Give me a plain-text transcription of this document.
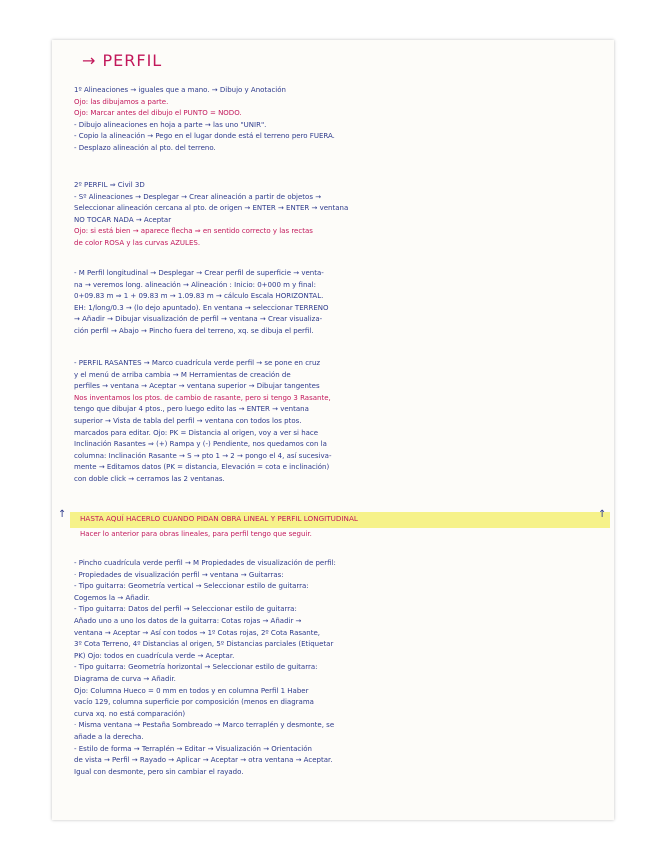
→ PERFIL
1º Alineaciones → iguales que a mano. → Dibujo y Anotación
Ojo: las dibujamos a parte.
Ojo: Marcar antes del dibujo el PUNTO = NODO.
- Dibujo alineaciones en hoja a parte → las uno "UNIR".
- Copio la alineación → Pego en el lugar donde está el terreno pero FUERA.
- Desplazo alineación al pto. del terreno.
2º PERFIL ⇒ Civil 3D
- Sº Alineaciones → Desplegar → Crear alineación a partir de objetos →
Seleccionar alineación cercana al pto. de origen → ENTER → ENTER → ventana
NO TOCAR NADA → Aceptar
Ojo: si está bien → aparece flecha ⇒ en sentido correcto y las rectas
de color ROSA y las curvas AZULES.
- M Perfil longitudinal → Desplegar → Crear perfil de superficie → venta-
na → veremos long. alineación → Alineación : Inicio: 0+000 m y final:
0+09.83 m ⇒ 1 + 09.83 m → 1.09.83 m → cálculo Escala HORIZONTAL.
EH: 1/long/0.3 → (lo dejo apuntado). En ventana → seleccionar TERRENO
→ Añadir → Dibujar visualización de perfil → ventana → Crear visualiza-
ción perfil → Abajo → Pincho fuera del terreno, xq. se dibuja el perfil.
- PERFIL RASANTES → Marco cuadrícula verde perfil → se pone en cruz
y el menú de arriba cambia → M Herramientas de creación de
perfiles → ventana → Aceptar → ventana superior → Dibujar tangentes
Nos inventamos los ptos. de cambio de rasante, pero si tengo 3 Rasante,
tengo que dibujar 4 ptos., pero luego edito las → ENTER → ventana
superior → Vista de tabla del perfil → ventana con todos los ptos.
marcados para editar. Ojo: PK = Distancia al origen, voy a ver si hace
Inclinación Rasantes ⇒ (+) Rampa y (-) Pendiente, nos quedamos con la
columna: Inclinación Rasante → S → pto 1 → 2 → pongo el 4, así sucesiva-
mente → Editamos datos (PK = distancia, Elevación = cota e inclinación)
con doble click → cerramos las 2 ventanas.
↑	↑
HASTA AQUÍ HACERLO CUANDO PIDAN OBRA LINEAL Y PERFIL LONGITUDINAL
Hacer lo anterior para obras lineales, para perfil tengo que seguir.
- Pincho cuadrícula verde perfil → M Propiedades de visualización de perfil:
· Propiedades de visualización perfil → ventana → Guitarras:
- Tipo guitarra: Geometría vertical → Seleccionar estilo de guitarra:
Cogemos la → Añadir.
- Tipo guitarra: Datos del perfil → Seleccionar estilo de guitarra:
Añado uno a uno los datos de la guitarra: Cotas rojas → Añadir →
ventana → Aceptar → Así con todos → 1º Cotas rojas, 2º Cota Rasante,
3º Cota Terreno, 4º Distancias al origen, 5º Distancias parciales (Etiquetar
PK) Ojo: todos en cuadrícula verde → Aceptar.
- Tipo guitarra: Geometría horizontal → Seleccionar estilo de guitarra:
Diagrama de curva → Añadir.
Ojo: Columna Hueco = 0 mm en todos y en columna Perfil 1 Haber
vacío 129, columna superficie por composición (menos en diagrama
curva xq. no está comparación)
· Misma ventana → Pestaña Sombreado → Marco terraplén y desmonte, se
añade a la derecha.
- Estilo de forma → Terraplén → Editar → Visualización → Orientación
de vista → Perfil → Rayado → Aplicar → Aceptar → otra ventana → Aceptar.
Igual con desmonte, pero sin cambiar el rayado.
